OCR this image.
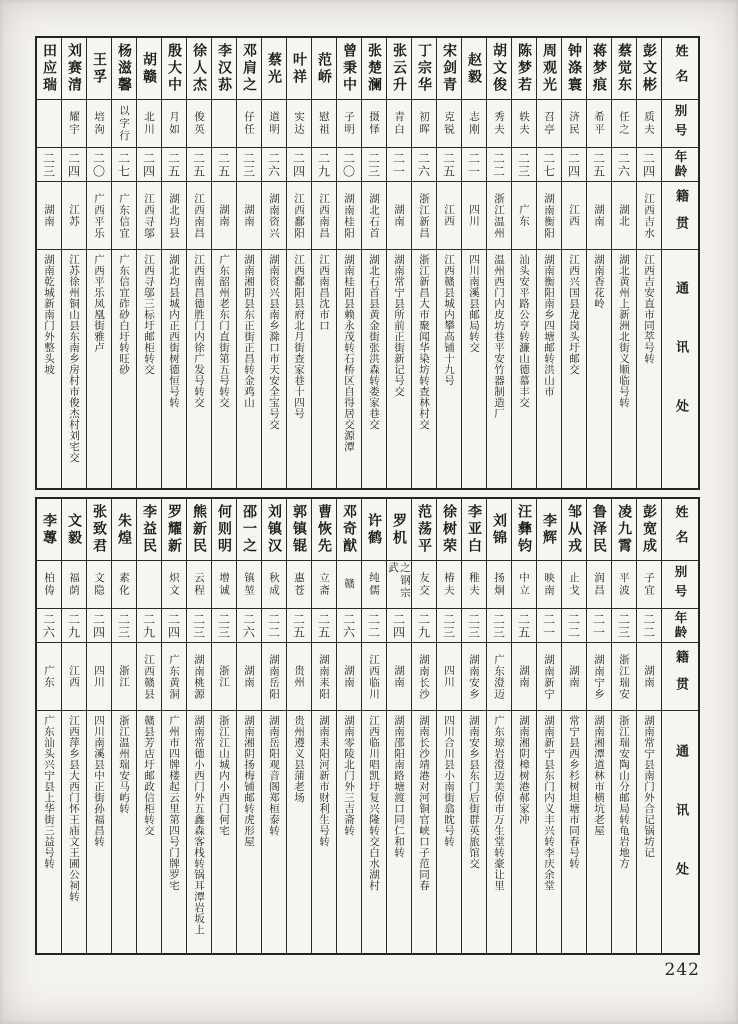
姓名
别号
年龄
籍贯
通讯处
彭文彬
质夫
二四
江西吉水
江西吉安直市同萃号转
蔡觉东
任之
二六
湖北
湖北黄州上新洲北街义顺临号转
蒋梦痕
希平
二五
湖南
湖南香花岭
钟涤寰
济民
二四
江西
江西兴国县龙岗头圩邮交
周观光
召亭
二七
湖南衡阳
湖南衡阳南乡四塘邮转洪山市
陈梦若
轶夫
二三
广东
汕头安平路公亨转濂山德慕丰交
胡文俊
秀夫
二二
浙江温州
温州西门内皮坊巷平安竹器制造厂
赵毅
志刚
二一
四川
四川南溪县邮局转交
宋剑青
克锐
二五
江西
江西赣县城内攀高铺十九号
丁宗华
初晖
二六
浙江新昌
浙江新昌大市聚闻华染坊转查林村交
张云升
青白
二一
湖南
湖南常宁县所前正街新记号交
张楚澜
摄怿
二三
湖北石首
湖北石首县黄金街张洪森转娄家巷交
曾秉中
子明
二〇
湖南桂阳
湖南桂阳县赖永茂转石桥区自得居交源潭
范峤
慰祖
二九
江西南昌
江西南昌沈市口
叶祥
实达
二四
江西鄱阳
江西鄱阳县府北月街查家巷十四号
蔡光
道明
二六
湖南资兴
湖南资兴县南乡滁口市天安全宝号交
邓肩之
仔任
二三
湖南
湖南湘阴县东正街正昌转金鸡山
李汉荪
二五
湖南
广东韶州老东门直街第五号转交
徐人杰
俊英
二五
江西南昌
江西南昌德胜门内徐广发号转交
殷大中
月如
二五
湖北均县
湖北均县城内正西街树德恒号转
胡赣
北川
二四
江西寻邬
江西寻邬三标圩邮柜转交
杨滋馨
以字行
二七
广东信宜
广东信宜砟砂白圩转旺砂
王孚
培洵
二〇
广西平乐
广西平乐凤凰街雅卢
刘赛清
耀宇
二四
江苏
江苏徐州铜山县东南乡房村市俊杰村刘宅交
田应瑞
二三
湖南
湖南乾城新南门外整头坡
姓名
别号
年龄
籍贯
通讯处
彭宽成
子宜
二二
湖南
湖南常宁县南门外合记锅坊记
凌九霄
平波
二三
浙江瑞安
浙江瑞安陶山分邮局转龟岩地方
鲁泽民
润昌
二一
湖南宁乡
湖南湘潭道林市横坑老屋
邹从戎
止戈
二二
湖南
常宁县西乡杉树坦塘市同春号转
李辉
映南
二一
湖南新宁
湖南新宁县东门内义丰兴转李庆余堂
汪彝钧
中立
二五
湖南
湖南湘阴樟树港郝家冲
刘锦
扬炯
二三
广东澄迈
广东琼岩澄迈美倬市万生堂转豪让里
李亚白
稚夫
二三
湖南安乡
湖南安乡县东门后街群英旅馆交
徐树荣
椿夫
二三
四川
四川合川县小南街翕眈号转
范荡平
友交
二九
湖南长沙
湖南长沙靖港对河铜官峡口子范同春
罗机
之钢宗武
二四
湖南
湖南邵阳南路塘渡口同仁和转
许鹤
纯儒
二二
江西临川
江西临川唱凯圩复兴隆转交白水湖村
邓奇猷
赣
二六
湖南
湖南零陵北门外三吉斋转
曹恢先
立斋
二五
湖南耒阳
湖南耒阳河新市财利生号转
郭镇锟
惠苍
二五
贵州
贵州遵义县蒲老场
刘镇汉
秋成
二二
湖南岳阳
湖南岳阳观音阁郑桓泰转
邵一之
镇堃
二六
湖南
湖南湘阴扬梅铺邮转虎形屋
何则明
增诚
二三
浙江
浙江江山城内小西门何宅
熊新民
云程
二三
湖南桃源
湖南常德小西门外五鑫森客栈转锅耳潭岩坂上
罗耀新
炽文
二四
广东黄洞
广州市四牌楼起云里第四号门牌罗宅
李益民
二九
江西赣县
赣县芳店圩邮政信柜转交
朱煌
素化
二三
浙江
浙江温州瑞安马屿转
张致君
文隐
二四
四川
四川南溪县中正街孙福昌转
文毅
福荫
二九
江西
江西萍乡县大西门怀王庙文王圃公祠转
李蓴
柏俦
二六
广东
广东汕头兴宁县上华街三益号转
242
